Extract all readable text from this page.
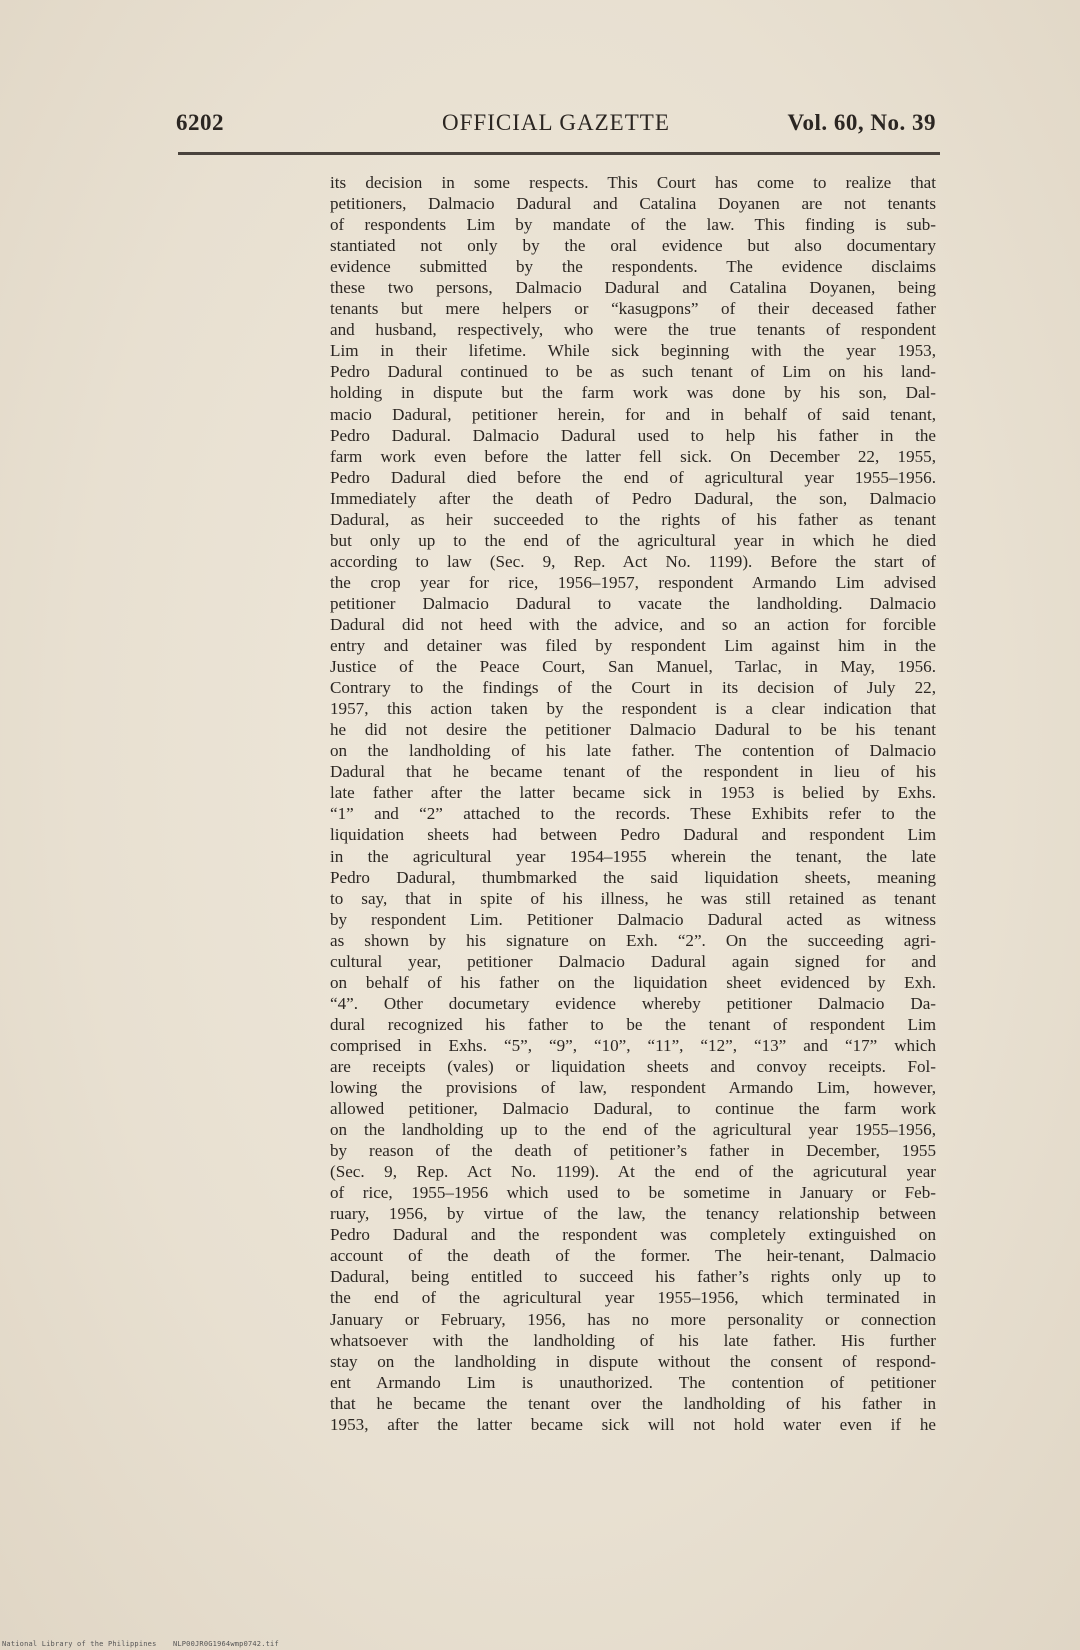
6202	OFFICIAL GAZETTE	Vol. 60, No. 39
its decision in some respects. This Court has come to realize that
petitioners, Dalmacio Dadural and Catalina Doyanen are not tenants
of respondents Lim by mandate of the law. This finding is sub-
stantiated not only by the oral evidence but also documentary
evidence submitted by the respondents. The evidence disclaims
these two persons, Dalmacio Dadural and Catalina Doyanen, being
tenants but mere helpers or “kasugpons” of their deceased father
and husband, respectively, who were the true tenants of respondent
Lim in their lifetime. While sick beginning with the year 1953,
Pedro Dadural continued to be as such tenant of Lim on his land-
holding in dispute but the farm work was done by his son, Dal-
macio Dadural, petitioner herein, for and in behalf of said tenant,
Pedro Dadural. Dalmacio Dadural used to help his father in the
farm work even before the latter fell sick. On December 22, 1955,
Pedro Dadural died before the end of agricultural year 1955–1956.
Immediately after the death of Pedro Dadural, the son, Dalmacio
Dadural, as heir succeeded to the rights of his father as tenant
but only up to the end of the agricultural year in which he died
according to law (Sec. 9, Rep. Act No. 1199). Before the start of
the crop year for rice, 1956–1957, respondent Armando Lim advised
petitioner Dalmacio Dadural to vacate the landholding. Dalmacio
Dadural did not heed with the advice, and so an action for forcible
entry and detainer was filed by respondent Lim against him in the
Justice of the Peace Court, San Manuel, Tarlac, in May, 1956.
Contrary to the findings of the Court in its decision of July 22,
1957, this action taken by the respondent is a clear indication that
he did not desire the petitioner Dalmacio Dadural to be his tenant
on the landholding of his late father. The contention of Dalmacio
Dadural that he became tenant of the respondent in lieu of his
late father after the latter became sick in 1953 is belied by Exhs.
“1” and “2” attached to the records. These Exhibits refer to the
liquidation sheets had between Pedro Dadural and respondent Lim
in the agricultural year 1954–1955 wherein the tenant, the late
Pedro Dadural, thumbmarked the said liquidation sheets, meaning
to say, that in spite of his illness, he was still retained as tenant
by respondent Lim. Petitioner Dalmacio Dadural acted as witness
as shown by his signature on Exh. “2”. On the succeeding agri-
cultural year, petitioner Dalmacio Dadural again signed for and
on behalf of his father on the liquidation sheet evidenced by Exh.
“4”. Other documetary evidence whereby petitioner Dalmacio Da-
dural recognized his father to be the tenant of respondent Lim
comprised in Exhs. “5”, “9”, “10”, “11”, “12”, “13” and “17” which
are receipts (vales) or liquidation sheets and convoy receipts. Fol-
lowing the provisions of law, respondent Armando Lim, however,
allowed petitioner, Dalmacio Dadural, to continue the farm work
on the landholding up to the end of the agricultural year 1955–1956,
by reason of the death of petitioner’s father in December, 1955
(Sec. 9, Rep. Act No. 1199). At the end of the agricutural year
of rice, 1955–1956 which used to be sometime in January or Feb-
ruary, 1956, by virtue of the law, the tenancy relationship between
Pedro Dadural and the respondent was completely extinguished on
account of the death of the former. The heir-tenant, Dalmacio
Dadural, being entitled to succeed his father’s rights only up to
the end of the agricultural year 1955–1956, which terminated in
January or February, 1956, has no more personality or connection
whatsoever with the landholding of his late father. His further
stay on the landholding in dispute without the consent of respond-
ent Armando Lim is unauthorized. The contention of petitioner
that he became the tenant over the landholding of his father in
1953, after the latter became sick will not hold water even if he
National Library of the Philippines NLP00JR0G1964wmp0742.tif
